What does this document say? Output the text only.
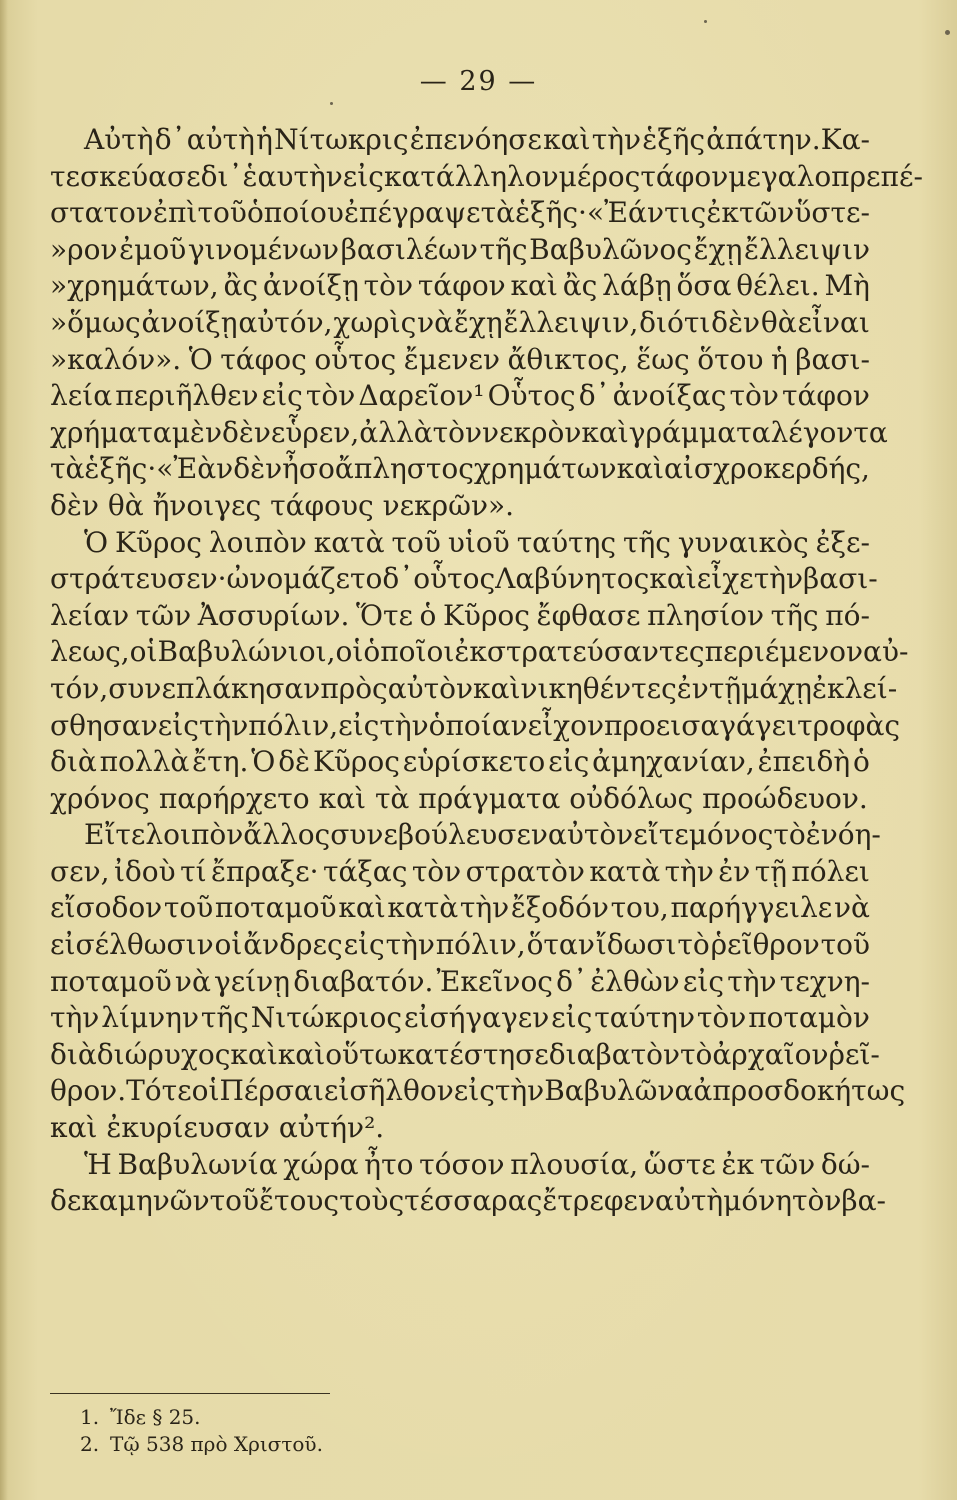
— 29 —
Αὐτὴ δ᾽ αὐτὴ ἡ Νίτωκρις ἐπενόησε καὶ τὴν ἑξῆς ἀπάτην.Κα-
τεσκεύασε δι᾽ ἑαυτὴν εἰς κατάλληλον μέρος τάφον μεγαλοπρεπέ-
στατον ἐπὶ τοῦ ὁποίου ἐπέγραψε τὰ ἑξῆς· «Ἐάν τις ἐκ τῶν ὕστε-
»ρον ἐμοῦ γινομένων βασιλέων τῆς Βαβυλῶνος ἔχῃ ἔλλειψιν
»χρημάτων, ἂς ἀνοίξῃ τὸν τάφον καὶ ἂς λάβῃ ὅσα θέλει. Μὴ
»ὅμως ἀνοίξῃ αὐτόν, χωρὶς νὰ ἔχῃ ἔλλειψιν, διότι δὲν θὰ εἶναι
»καλόν». Ὁ τάφος οὗτος ἔμενεν ἄθικτος, ἕως ὅτου ἡ βασι-
λεία περιῆλθεν εἰς τὸν Δαρεῖον¹ Οὗτος δ᾽ ἀνοίξας τὸν τάφον
χρήματα μὲν δὲν εὗρεν, ἀλλὰ τὸν νεκρὸν καὶ γράμματα λέγοντα
τὰ ἑξῆς· «Ἐὰν δὲν ἦσο ἄπληστος χρημάτων καὶ αἰσχροκερδής,
δὲν θὰ ἤνοιγες τάφους νεκρῶν».
Ὁ Κῦρος λοιπὸν κατὰ τοῦ υἱοῦ ταύτης τῆς γυναικὸς ἐξε-
στράτευσεν· ὠνομάζετο δ᾽ οὗτος Λαβύνητος καὶ εἶχε τὴν βασι-
λείαν τῶν Ἀσσυρίων. Ὅτε ὁ Κῦρος ἔφθασε πλησίον τῆς πό-
λεως, οἱ Βαβυλώνιοι, οἱ ὁποῖοι ἐκστρατεύσαντες περιέμενον αὐ-
τόν, συνεπλάκησαν πρὸς αὐτὸν καὶ νικηθέντες ἐν τῇ μάχῃ ἐκλεί-
σθησαν εἰς τὴν πόλιν, εἰς τὴν ὁποίαν εἶχον προεισαγάγει τροφὰς
διὰ πολλὰ ἔτη. Ὁ δὲ Κῦρος εὑρίσκετο εἰς ἀμηχανίαν, ἐπειδὴ ὁ
χρόνος παρήρχετο καὶ τὰ πράγματα οὐδόλως προώδευον.
Εἴτε λοιπὸν ἄλλος συνεβούλευσεν αὐτὸν εἴτε μόνος τὸ ἐνόη-
σεν, ἰδοὺ τί ἔπραξε· τάξας τὸν στρατὸν κατὰ τὴν ἐν τῇ πόλει
εἴσοδον τοῦ ποταμοῦ καὶ κατὰ τὴν ἔξοδόν του, παρήγγειλε νὰ
εἰσέλθωσιν οἱ ἄνδρες εἰς τὴν πόλιν, ὅταν ἴδωσι τὸ ῥεῖθρον τοῦ
ποταμοῦ νὰ γείνῃ διαβατόν. Ἐκεῖνος δ᾽ ἐλθὼν εἰς τὴν τεχνη-
τὴν λίμνην τῆς Νιτώκριος εἰσήγαγεν εἰς ταύτην τὸν ποταμὸν
διὰ διώρυχος καὶ καὶ οὕτω κατέστησε διαβατὸν τὸ ἀρχαῖον ῥεῖ-
θρον. Τότε οἱ Πέρσαι εἰσῆλθον εἰς τὴν Βαβυλῶνα ἀπροσδοκήτως
καὶ ἐκυρίευσαν αὐτήν².
Ἡ Βαβυλωνία χώρα ἦτο τόσον πλουσία, ὥστε ἐκ τῶν δώ-
δεκα μηνῶν τοῦ ἔτους τοὺς τέσσαρας ἔτρεφεν αὐτὴ μόνη τὸν βα-
1. Ἴδε § 25.
2. Τῷ 538 πρὸ Χριστοῦ.
